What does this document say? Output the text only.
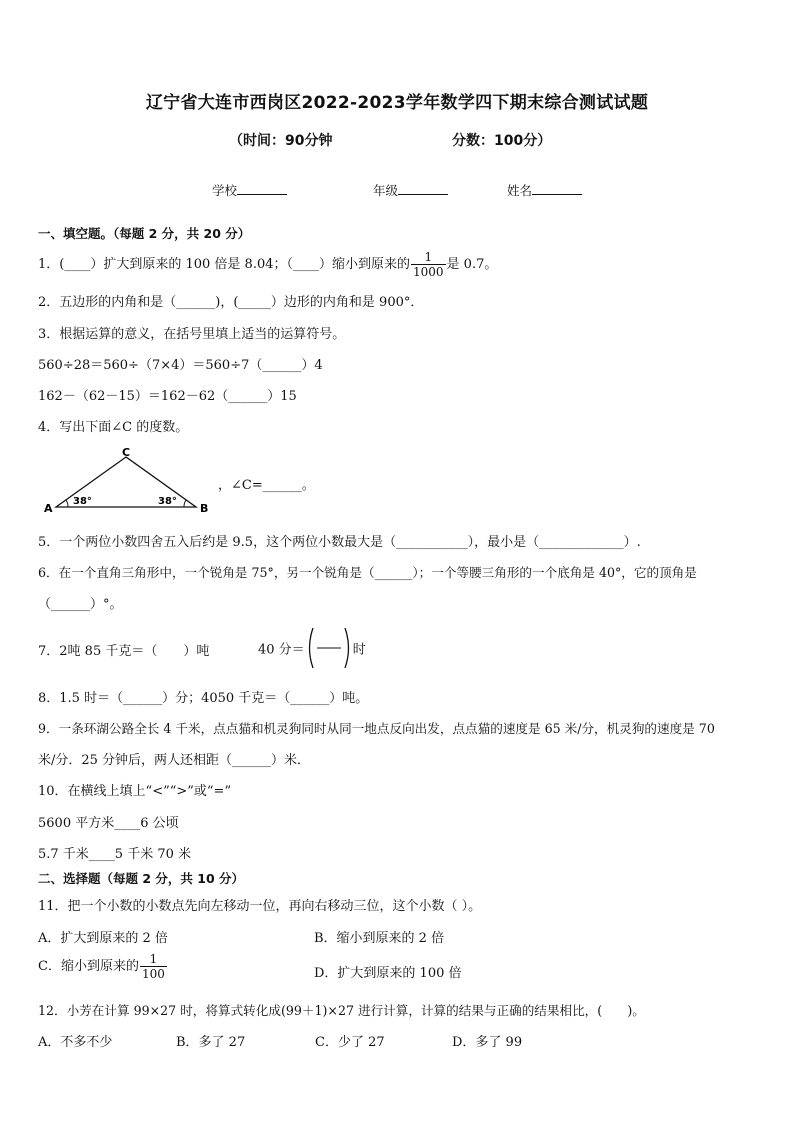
辽宁省大连市西岗区2022-2023学年数学四下期末综合测试试题
（时间：90分钟	分数：100分）
学校	年级	姓名
一、填空题。（每题 2 分，共 20 分）
1．(____）扩大到原来的 100 倍是 8.04；（____）缩小到原来的 $\frac{1}{1000}$ 是 0.7。
2．五边形的内角和是（______)，(_____）边形的内角和是 900°．
3．根据运算的意义，在括号里填上适当的运算符号。
560÷28＝560÷（7×4）＝560÷7（______）4
162－（62－15）＝162－62（______）15
4．写出下面∠C 的度数。
C
A	B
38°	38°
，∠C=______。
5．一个两位小数四舍五入后约是 9.5，这个两位小数最大是（___________），最小是（_____________）.
6．在一个直角三角形中，一个锐角是 75°，另一个锐角是（______）；一个等腰三角形的一个底角是 40°，它的顶角是
（______）°。
7．2吨 85 千克＝（　　）吨	40 分＝	时
8．1.5 时＝（______）分；4050 千克＝（______）吨。
9．一条环湖公路全长 4 千米，点点猫和机灵狗同时从同一地点反向出发，点点猫的速度是 65 米/分，机灵狗的速度是 70
米/分．25 分钟后，两人还相距（______）米．
10．在横线上填上“<”“>”或“=”
5600 平方米____6 公顷
5.7 千米____5 千米 70 米
二、选择题（每题 2 分，共 10 分）
11．把一个小数的小数点先向左移动一位，再向右移动三位，这个小数（ ）。
A．扩大到原来的 2 倍	B．缩小到原来的 2 倍
C．缩小到原来的 $\frac{1}{100}$	D．扩大到原来的 100 倍
12．小芳在计算 99×27 时，将算式转化成(99＋1)×27 进行计算，计算的结果与正确的结果相比，(　　)。
A．不多不少	B．多了 27	C．少了 27	D．多了 99
